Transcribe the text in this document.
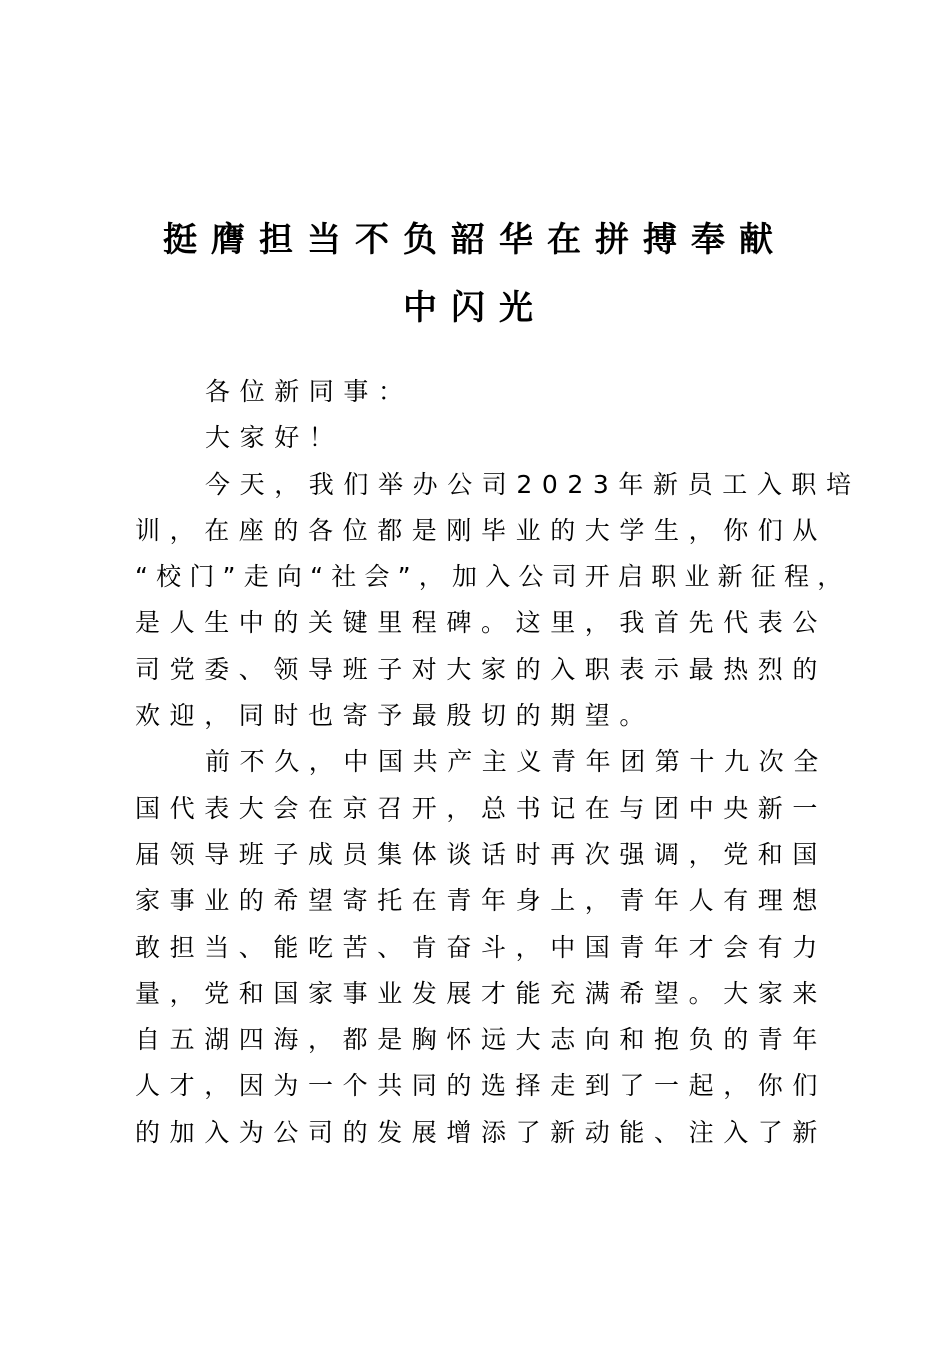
挺膺担当不负韶华在拼搏奉献
中闪光
各位新同事：
大家好！
今天，我们举办公司2023年新员工入职培
训，在座的各位都是刚毕业的大学生，你们从
“校门”走向“社会”，加入公司开启职业新征程，
是人生中的关键里程碑。这里，我首先代表公
司党委、领导班子对大家的入职表示最热烈的
欢迎，同时也寄予最殷切的期望。
前不久，中国共产主义青年团第十九次全
国代表大会在京召开，总书记在与团中央新一
届领导班子成员集体谈话时再次强调，党和国
家事业的希望寄托在青年身上，青年人有理想
敢担当、能吃苦、肯奋斗，中国青年才会有力
量，党和国家事业发展才能充满希望。大家来
自五湖四海，都是胸怀远大志向和抱负的青年
人才，因为一个共同的选择走到了一起，你们
的加入为公司的发展增添了新动能、注入了新
